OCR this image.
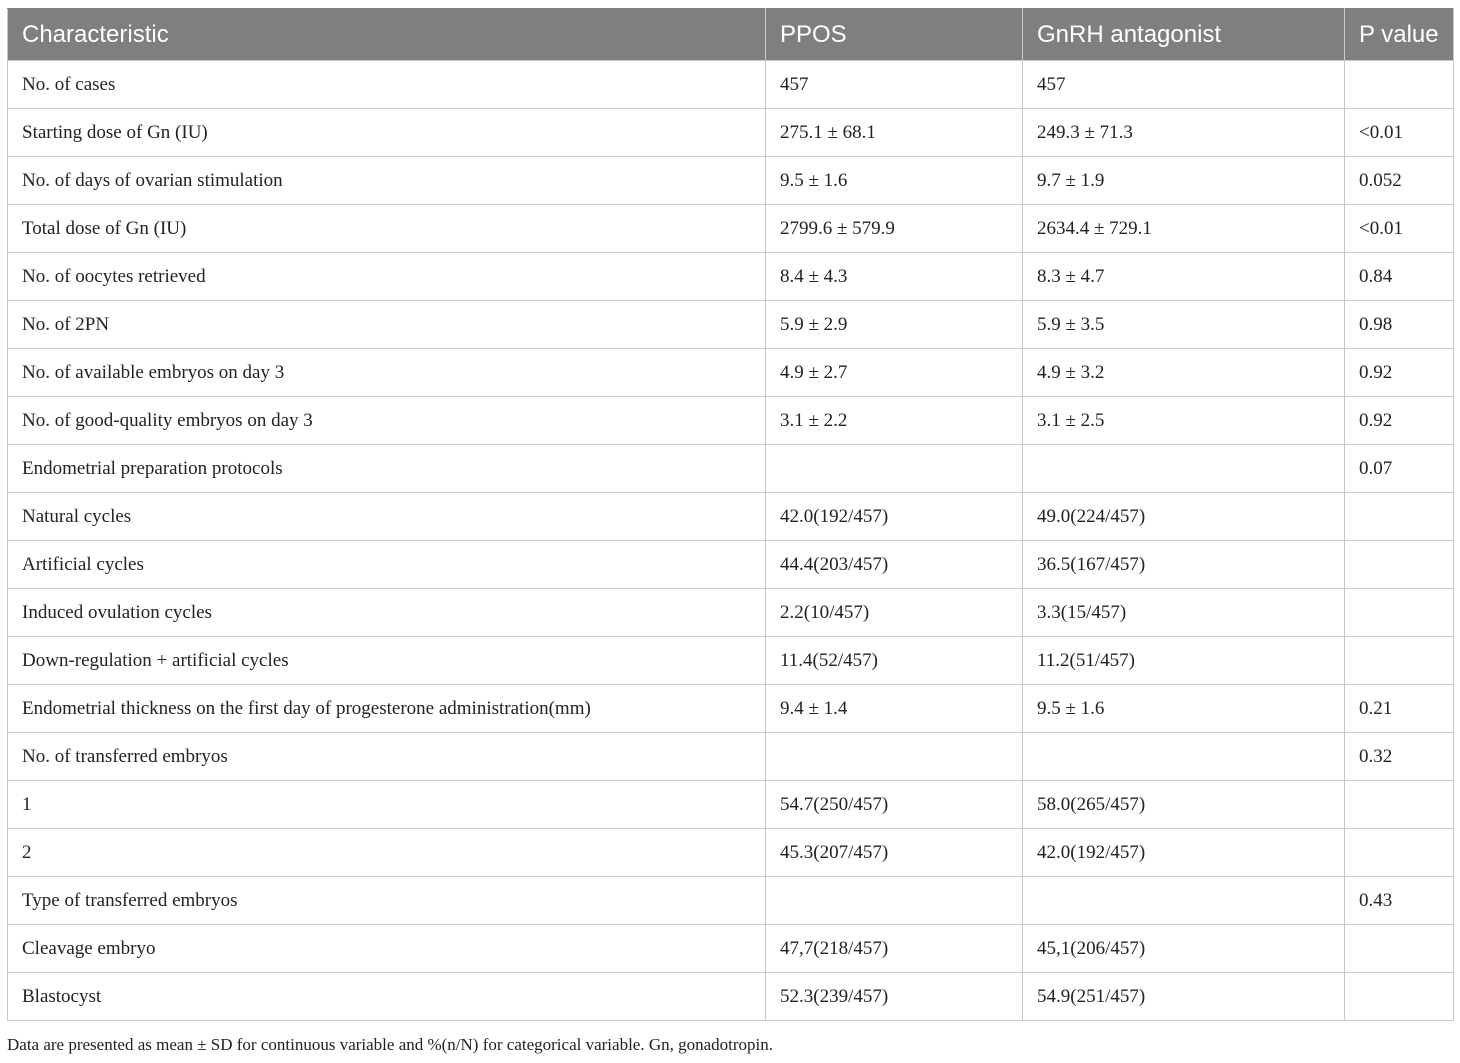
Characteristic	PPOS	GnRH antagonist	P value
No. of cases	457	457	
Starting dose of Gn (IU)	275.1 ± 68.1	249.3 ± 71.3	<0.01
No. of days of ovarian stimulation	9.5 ± 1.6	9.7 ± 1.9	0.052
Total dose of Gn (IU)	2799.6 ± 579.9	2634.4 ± 729.1	<0.01
No. of oocytes retrieved	8.4 ± 4.3	8.3 ± 4.7	0.84
No. of 2PN	5.9 ± 2.9	5.9 ± 3.5	0.98
No. of available embryos on day 3	4.9 ± 2.7	4.9 ± 3.2	0.92
No. of good-quality embryos on day 3	3.1 ± 2.2	3.1 ± 2.5	0.92
Endometrial preparation protocols			0.07
Natural cycles	42.0(192/457)	49.0(224/457)	
Artificial cycles	44.4(203/457)	36.5(167/457)	
Induced ovulation cycles	2.2(10/457)	3.3(15/457)	
Down-regulation + artificial cycles	11.4(52/457)	11.2(51/457)	
Endometrial thickness on the first day of progesterone administration(mm)	9.4 ± 1.4	9.5 ± 1.6	0.21
No. of transferred embryos			0.32
1	54.7(250/457)	58.0(265/457)	
2	45.3(207/457)	42.0(192/457)	
Type of transferred embryos			0.43
Cleavage embryo	47,7(218/457)	45,1(206/457)	
Blastocyst	52.3(239/457)	54.9(251/457)	
Data are presented as mean ± SD for continuous variable and %(n/N) for categorical variable. Gn, gonadotropin.
